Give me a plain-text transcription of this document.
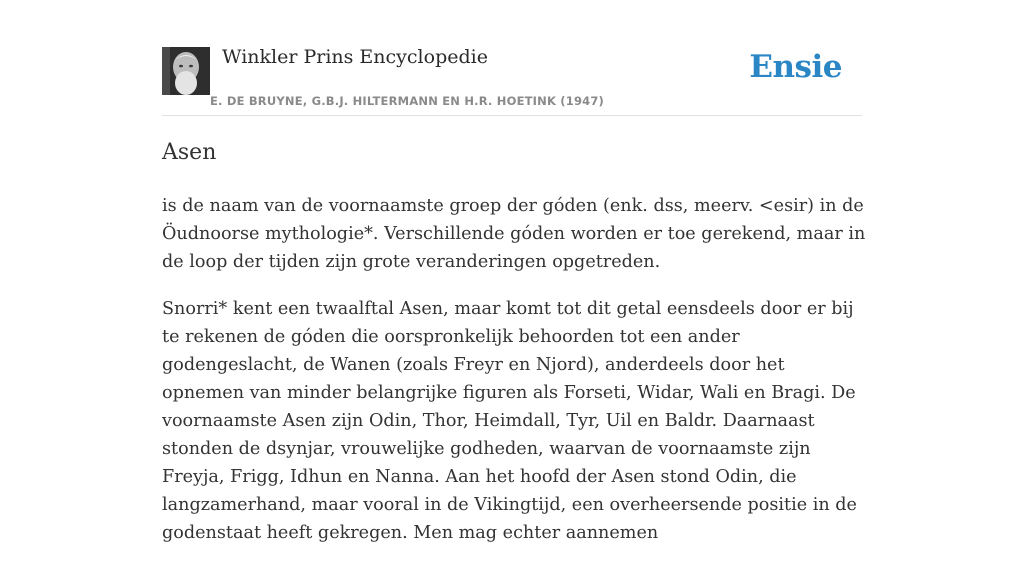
Winkler Prins Encyclopedie
E. DE BRUYNE, G.B.J. HILTERMANN EN H.R. HOETINK (1947)
Ensie
Asen

is de naam van de voornaamste groep der góden (enk. dss, meerv. <esir) in de Öudnoorse mythologie*. Verschillende góden worden er toe gerekend, maar in de loop der tijden zijn grote veranderingen opgetreden.

Snorri* kent een twaalftal Asen, maar komt tot dit getal eensdeels door er bij te rekenen de góden die oorspronkelijk behoorden tot een ander godengeslacht, de Wanen (zoals Freyr en Njord), anderdeels door het opnemen van minder belangrijke figuren als Forseti, Widar, Wali en Bragi. De voornaamste Asen zijn Odin, Thor, Heimdall, Tyr, Uil en Baldr. Daarnaast stonden de dsynjar, vrouwelijke godheden, waarvan de voornaamste zijn Freyja, Frigg, Idhun en Nanna. Aan het hoofd der Asen stond Odin, die langzamerhand, maar vooral in de Vikingtijd, een overheersende positie in de godenstaat heeft gekregen. Men mag echter aannemen
